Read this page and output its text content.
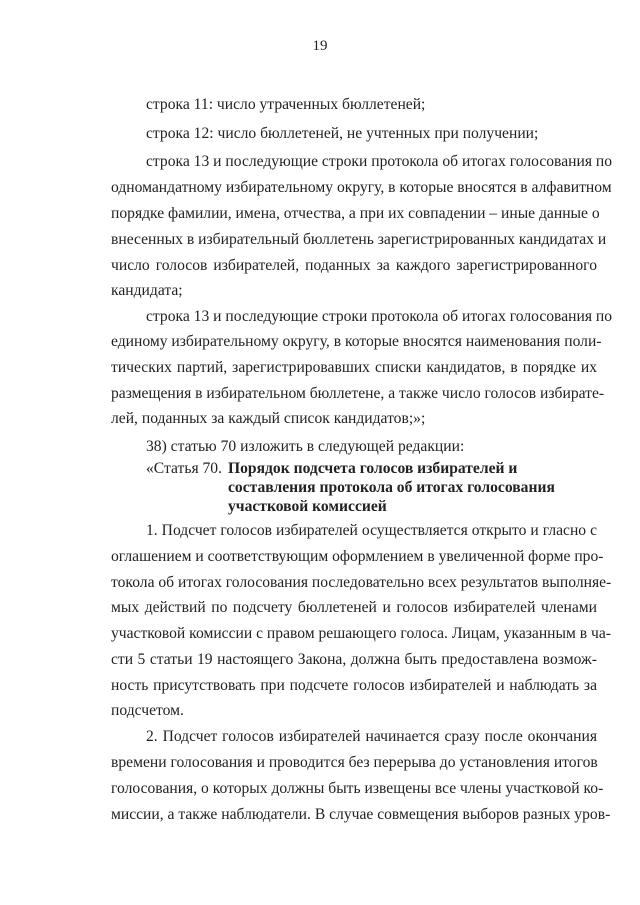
19
строка 11: число утраченных бюллетеней;
строка 12: число бюллетеней, не учтенных при получении;
строка 13 и последующие строки протокола об итогах голосования по
одномандатному избирательному округу, в которые вносятся в алфавитном
порядке фамилии, имена, отчества, а при их совпадении – иные данные о
внесенных в избирательный бюллетень зарегистрированных кандидатах и
число голосов избирателей, поданных за каждого зарегистрированного
кандидата;
строка 13 и последующие строки протокола об итогах голосования по
единому избирательному округу, в которые вносятся наименования поли-
тических партий, зарегистрировавших списки кандидатов, в порядке их
размещения в избирательном бюллетене, а также число голосов избирате-
лей, поданных за каждый список кандидатов;»;
38) статью 70 изложить в следующей редакции:
«Статья 70. Порядок подсчета голосов избирателей и
составления протокола об итогах голосования
участковой комиссией
1. Подсчет голосов избирателей осуществляется открыто и гласно с
оглашением и соответствующим оформлением в увеличенной форме про-
токола об итогах голосования последовательно всех результатов выполняе-
мых действий по подсчету бюллетеней и голосов избирателей членами
участковой комиссии с правом решающего голоса. Лицам, указанным в ча-
сти 5 статьи 19 настоящего Закона, должна быть предоставлена возмож-
ность присутствовать при подсчете голосов избирателей и наблюдать за
подсчетом.
2. Подсчет голосов избирателей начинается сразу после окончания
времени голосования и проводится без перерыва до установления итогов
голосования, о которых должны быть извещены все члены участковой ко-
миссии, а также наблюдатели. В случае совмещения выборов разных уров-
